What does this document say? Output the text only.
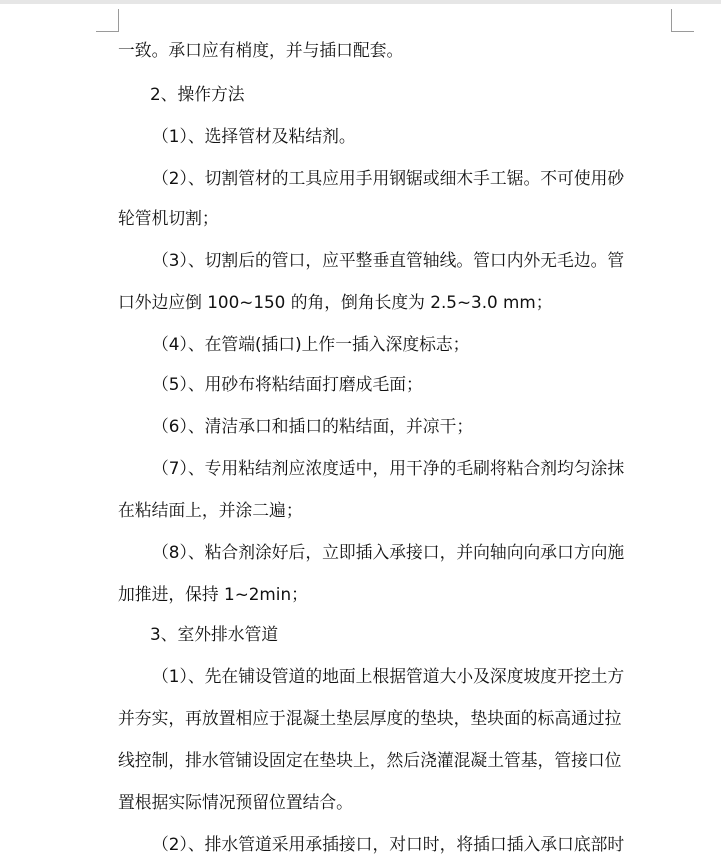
一致。承口应有梢度，并与插口配套。
2、操作方法
（1）、选择管材及粘结剂。
（2）、切割管材的工具应用手用钢锯或细木手工锯。不可使用砂
轮管机切割；
（3）、切割后的管口，应平整垂直管轴线。管口内外无毛边。管
口外边应倒 100~150 的角，倒角长度为 2.5~3.0 mm；
（4）、在管端(插口)上作一插入深度标志；
（5）、用砂布将粘结面打磨成毛面；
（6）、清洁承口和插口的粘结面，并凉干；
（7）、专用粘结剂应浓度适中，用干净的毛刷将粘合剂均匀涂抹
在粘结面上，并涂二遍；
（8）、粘合剂涂好后，立即插入承接口，并向轴向向承口方向施
加推进，保持 1~2min；
3、室外排水管道
（1）、先在铺设管道的地面上根据管道大小及深度坡度开挖土方
并夯实，再放置相应于混凝土垫层厚度的垫块，垫块面的标高通过拉
线控制，排水管铺设固定在垫块上，然后浇灌混凝土管基，管接口位
置根据实际情况预留位置结合。
（2）、排水管道采用承插接口，对口时，将插口插入承口底部时
